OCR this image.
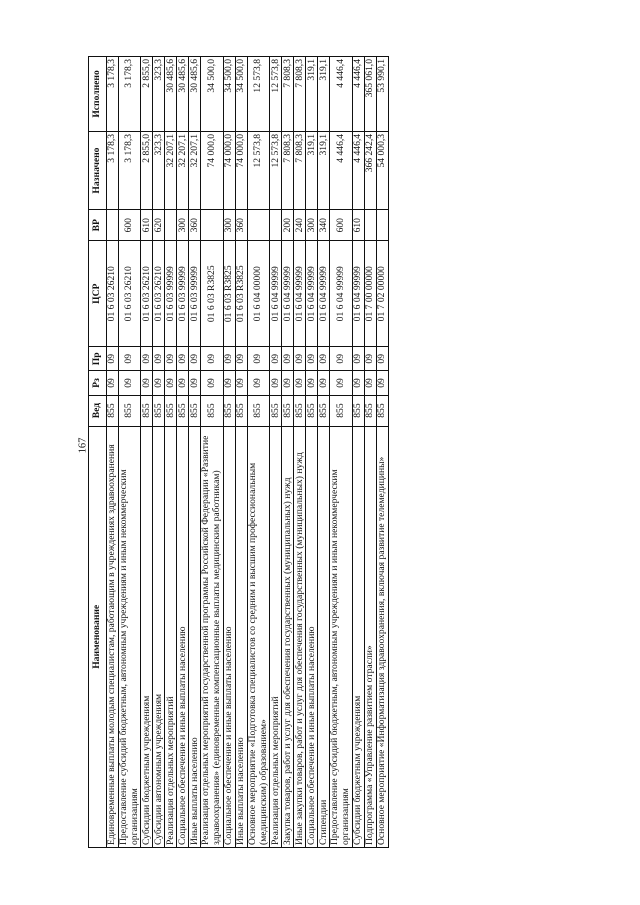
167
Наименование	Вед	Рз	Пр	ЦСР	ВР	Назначено	Исполнено
Единовременные выплаты молодым специалистам, работающим в учреждениях здравоохранения	855	09	09	01 6 03 26210		3 178,3	3 178,3
Предоставление субсидий бюджетным, автономным учреждениям и иным некоммерческим организациям	855	09	09	01 6 03 26210	600	3 178,3	3 178,3
Субсидии бюджетным учреждениям	855	09	09	01 6 03 26210	610	2 855,0	2 855,0
Субсидии автономным учреждениям	855	09	09	01 6 03 26210	620	323,3	323,3
Реализация отдельных мероприятий	855	09	09	01 6 03 99999		32 207,1	30 485,6
Социальное обеспечение и иные выплаты населению	855	09	09	01 6 03 99999	300	32 207,1	30 485,6
Иные выплаты населению	855	09	09	01 6 03 99999	360	32 207,1	30 485,6
Реализация отдельных мероприятий государственной программы Российской Федерации «Развитие здравоохранения» (единовременные компенсационные выплаты медицинским работникам)	855	09	09	01 6 03 R3825		74 000,0	34 500,0
Социальное обеспечение и иные выплаты населению	855	09	09	01 6 03 R3825	300	74 000,0	34 500,0
Иные выплаты населению	855	09	09	01 6 03 R3825	360	74 000,0	34 500,0
Основное мероприятие «Подготовка специалистов со средним и высшим профессиональным (медицинским) образованием»	855	09	09	01 6 04 00000		12 573,8	12 573,8
Реализация отдельных мероприятий	855	09	09	01 6 04 99999		12 573,8	12 573,8
Закупка товаров, работ и услуг для обеспечения государственных (муниципальных) нужд	855	09	09	01 6 04 99999	200	7 808,3	7 808,3
Иные закупки товаров, работ и услуг для обеспечения государственных (муниципальных) нужд	855	09	09	01 6 04 99999	240	7 808,3	7 808,3
Социальное обеспечение и иные выплаты населению	855	09	09	01 6 04 99999	300	319,1	319,1
Стипендии	855	09	09	01 6 04 99999	340	319,1	319,1
Предоставление субсидий бюджетным, автономным учреждениям и иным некоммерческим организациям	855	09	09	01 6 04 99999	600	4 446,4	4 446,4
Субсидии бюджетным учреждениям	855	09	09	01 6 04 99999	610	4 446,4	4 446,4
Подпрограмма «Управление развитием отрасли»	855	09	09	01 7 00 00000		366 242,4	365 061,0
Основное мероприятие «Информатизация здравоохранения, включая развитие телемедицины»	855	09	09	01 7 02 00000		54 000,3	53 990,1
